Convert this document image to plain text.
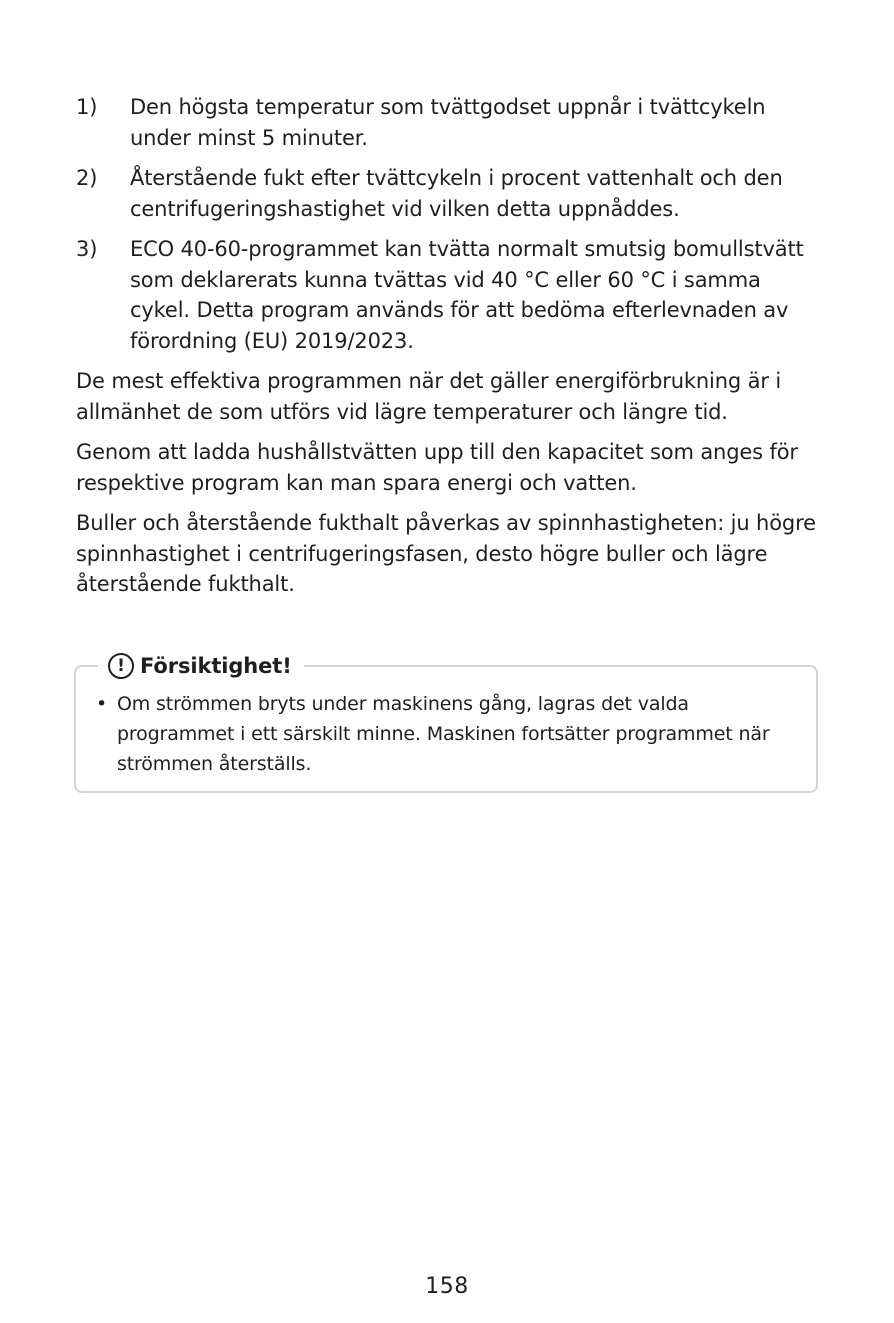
1)	Den högsta temperatur som tvättgodset uppnår i tvättcykeln under minst 5 minuter.
2)	Återstående fukt efter tvättcykeln i procent vattenhalt och den centrifugeringshastighet vid vilken detta uppnåddes.
3)	ECO 40-60-programmet kan tvätta normalt smutsig bomullstvätt som deklarerats kunna tvättas vid 40 °C eller 60 °C i samma cykel. Detta program används för att bedöma efterlevnaden av förordning (EU) 2019/2023.

De mest effektiva programmen när det gäller energiförbrukning är i allmänhet de som utförs vid lägre temperaturer och längre tid.

Genom att ladda hushållstvätten upp till den kapacitet som anges för respektive program kan man spara energi och vatten.

Buller och återstående fukthalt påverkas av spinnhastigheten: ju högre spinnhastighet i centrifugeringsfasen, desto högre buller och lägre återstående fukthalt.

! Försiktighet!
• Om strömmen bryts under maskinens gång, lagras det valda programmet i ett särskilt minne. Maskinen fortsätter programmet när strömmen återställs.
158
